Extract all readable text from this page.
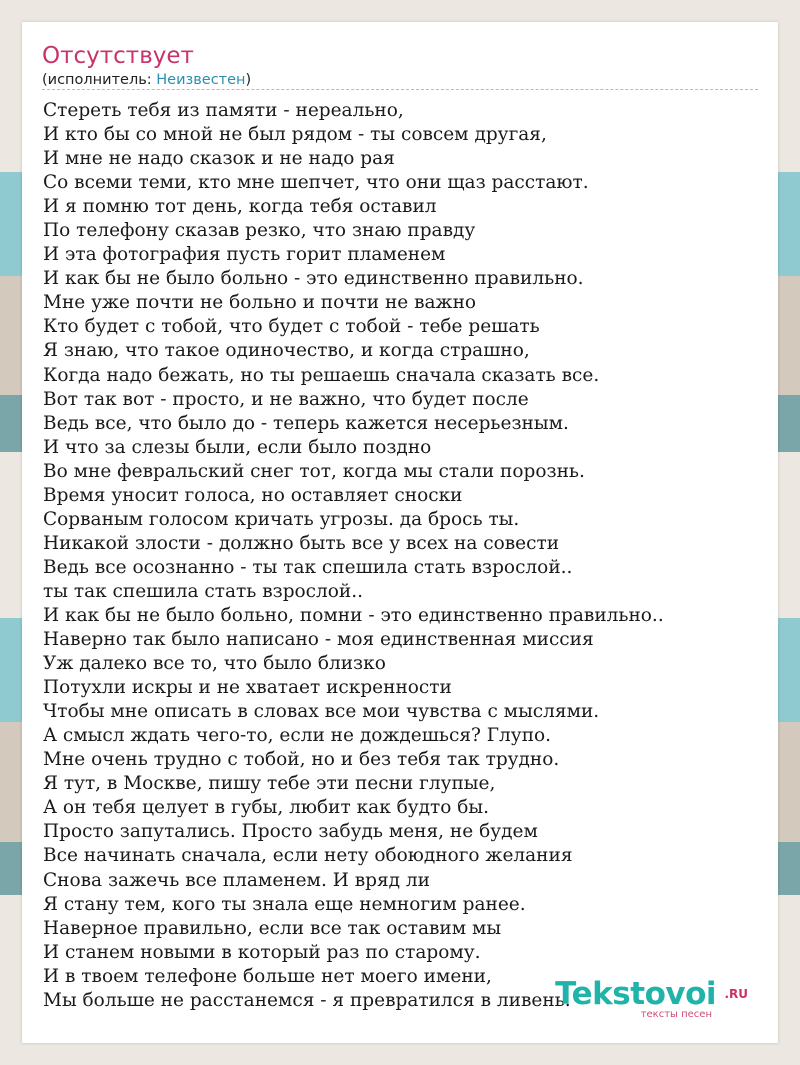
Отсутствует
(исполнитель: Неизвестен)
Стереть тебя из памяти - нереально,
И кто бы со мной не был рядом - ты совсем другая,
И мне не надо сказок и не надо рая
Со всеми теми, кто мне шепчет, что они щаз расстают.
И я помню тот день, когда тебя оставил
По телефону сказав резко, что знаю правду
И эта фотография пусть горит пламенем
И как бы не было больно - это единственно правильно.
Мне уже почти не больно и почти не важно
Кто будет с тобой, что будет с тобой - тебе решать
Я знаю, что такое одиночество, и когда страшно,
Когда надо бежать, но ты решаешь сначала сказать все.
Вот так вот - просто, и не важно, что будет после
Ведь все, что было до - теперь кажется несерьезным.
И что за слезы были, если было поздно
Во мне февральский снег тот, когда мы стали порознь.
Время уносит голоса, но оставляет сноски
Сорваным голосом кричать угрозы. да брось ты.
Никакой злости - должно быть все у всех на совести
Ведь все осознанно - ты так спешила стать взрослой..
ты так спешила стать взрослой..
И как бы не было больно, помни - это единственно правильно..
Наверно так было написано - моя единственная миссия
Уж далеко все то, что было близко
Потухли искры и не хватает искренности
Чтобы мне описать в словах все мои чувства с мыслями.
А смысл ждать чего-то, если не дождешься? Глупо.
Мне очень трудно с тобой, но и без тебя так трудно.
Я тут, в Москве, пишу тебе эти песни глупые,
А он тебя целует в губы, любит как будто бы.
Просто запутались. Просто забудь меня, не будем
Все начинать сначала, если нету обоюдного желания
Снова зажечь все пламенем. И вряд ли
Я стану тем, кого ты знала еще немногим ранее.
Наверное правильно, если все так оставим мы
И станем новыми в который раз по старому.
И в твоем телефоне больше нет моего имени,
Мы больше не расстанемся - я превратился в ливень.
Tekstovoi .RU
тексты песен
